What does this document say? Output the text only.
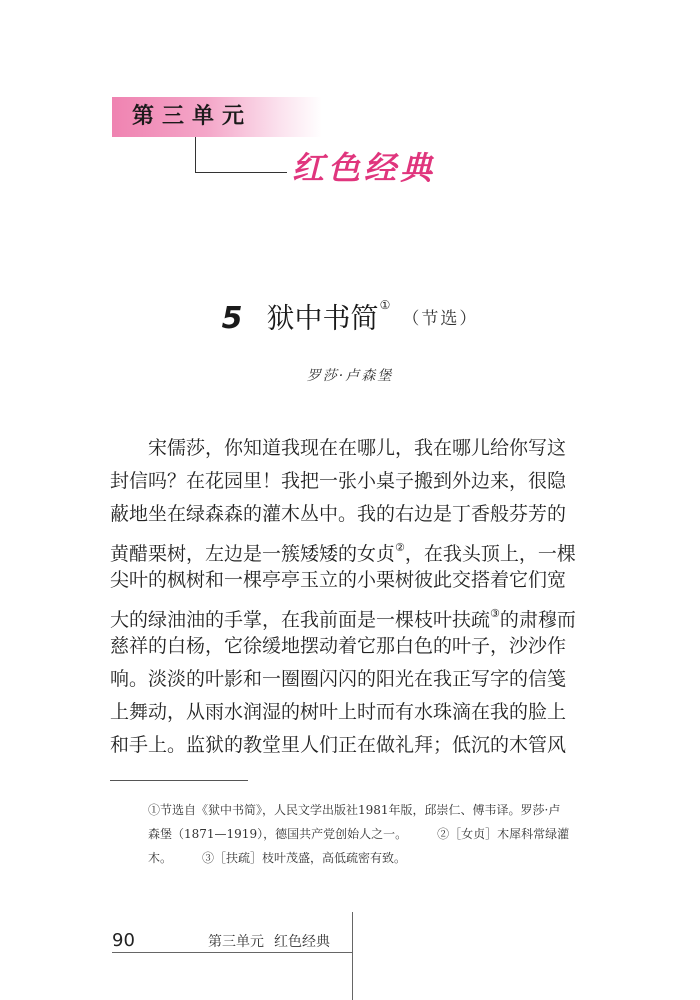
第三单元
红色经典
5 狱中书简①（节选）
罗莎·卢森堡
宋儒莎，你知道我现在在哪儿，我在哪儿给你写这
封信吗？在花园里！我把一张小桌子搬到外边来，很隐
蔽地坐在绿森森的灌木丛中。我的右边是丁香般芬芳的
黄醋栗树，左边是一簇矮矮的女贞②，在我头顶上，一棵
尖叶的枫树和一棵亭亭玉立的小栗树彼此交搭着它们宽
大的绿油油的手掌，在我前面是一棵枝叶扶疏③的肃穆而
慈祥的白杨，它徐缓地摆动着它那白色的叶子，沙沙作
响。淡淡的叶影和一圈圈闪闪的阳光在我正写字的信笺
上舞动，从雨水润湿的树叶上时而有水珠滴在我的脸上
和手上。监狱的教堂里人们正在做礼拜；低沉的木管风
①节选自《狱中书简》，人民文学出版社1981年版，邱崇仁、傅韦译。罗莎·卢
森堡（1871—1919），德国共产党创始人之一。	②［女贞］木犀科常绿灌
木。	③［扶疏］枝叶茂盛，高低疏密有致。
90	第三单元 红色经典
